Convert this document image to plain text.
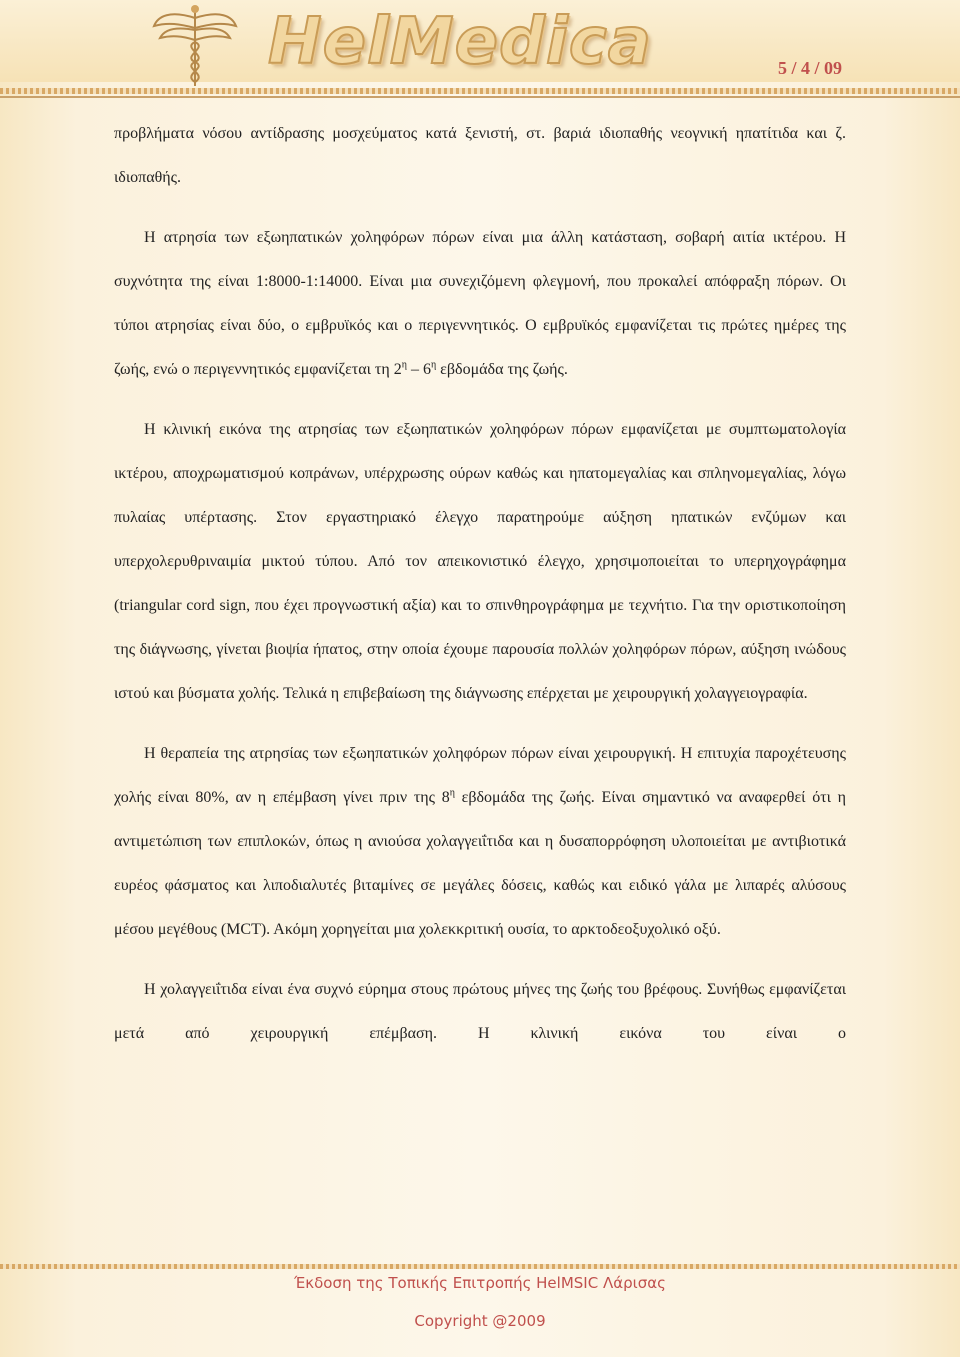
HelMedica	5 / 4 / 09

προβλήματα νόσου αντίδρασης μοσχεύματος κατά ξενιστή, στ. βαριά ιδιοπαθής νεογνική ηπατίτιδα και ζ. ιδιοπαθής.

Η ατρησία των εξωηπατικών χοληφόρων πόρων είναι μια άλλη κατάσταση, σοβαρή αιτία ικτέρου. Η συχνότητα της είναι 1:8000-1:14000. Είναι μια συνεχιζόμενη φλεγμονή, που προκαλεί απόφραξη πόρων. Οι τύποι ατρησίας είναι δύο, ο εμβρυϊκός και ο περιγεννητικός. Ο εμβρυϊκός εμφανίζεται τις πρώτες ημέρες της ζωής, ενώ ο περιγεννητικός εμφανίζεται τη $2^\eta - 6^\eta$ εβδομάδα της ζωής.

Η κλινική εικόνα της ατρησίας των εξωηπατικών χοληφόρων πόρων εμφανίζεται με συμπτωματολογία ικτέρου, αποχρωματισμού κοπράνων, υπέρχρωσης ούρων καθώς και ηπατομεγαλίας και σπληνομεγαλίας, λόγω πυλαίας υπέρτασης. Στον εργαστηριακό έλεγχο παρατηρούμε αύξηση ηπατικών ενζύμων και υπερχολερυθριναιμία μικτού τύπου. Από τον απεικονιστικό έλεγχο, χρησιμοποιείται το υπερηχογράφημα (triangular cord sign, που έχει προγνωστική αξία) και το σπινθηρογράφημα με τεχνήτιο. Για την οριστικοποίηση της διάγνωσης, γίνεται βιοψία ήπατος, στην οποία έχουμε παρουσία πολλών χοληφόρων πόρων, αύξηση ινώδους ιστού και βύσματα χολής. Τελικά η επιβεβαίωση της διάγνωσης επέρχεται με χειρουργική χολαγγειογραφία.

Η θεραπεία της ατρησίας των εξωηπατικών χοληφόρων πόρων είναι χειρουργική. Η επιτυχία παροχέτευσης χολής είναι 80%, αν η επέμβαση γίνει πριν της $8^\eta$ εβδομάδα της ζωής. Είναι σημαντικό να αναφερθεί ότι η αντιμετώπιση των επιπλοκών, όπως η ανιούσα χολαγγειΐτιδα και η δυσαπορρόφηση υλοποιείται με αντιβιοτικά ευρέος φάσματος και λιποδιαλυτές βιταμίνες σε μεγάλες δόσεις, καθώς και ειδικό γάλα με λιπαρές αλύσους μέσου μεγέθους (MCT). Ακόμη χορηγείται μια χολεκκριτική ουσία, το αρκτοδεοξυχολικό οξύ.

Η χολαγγειΐτιδα είναι ένα συχνό εύρημα στους πρώτους μήνες της ζωής του βρέφους. Συνήθως εμφανίζεται μετά από χειρουργική επέμβαση. Η κλινική εικόνα του είναι ο

Έκδοση της Τοπικής Επιτροπής HelMSIC Λάρισας
Copyright @2009
